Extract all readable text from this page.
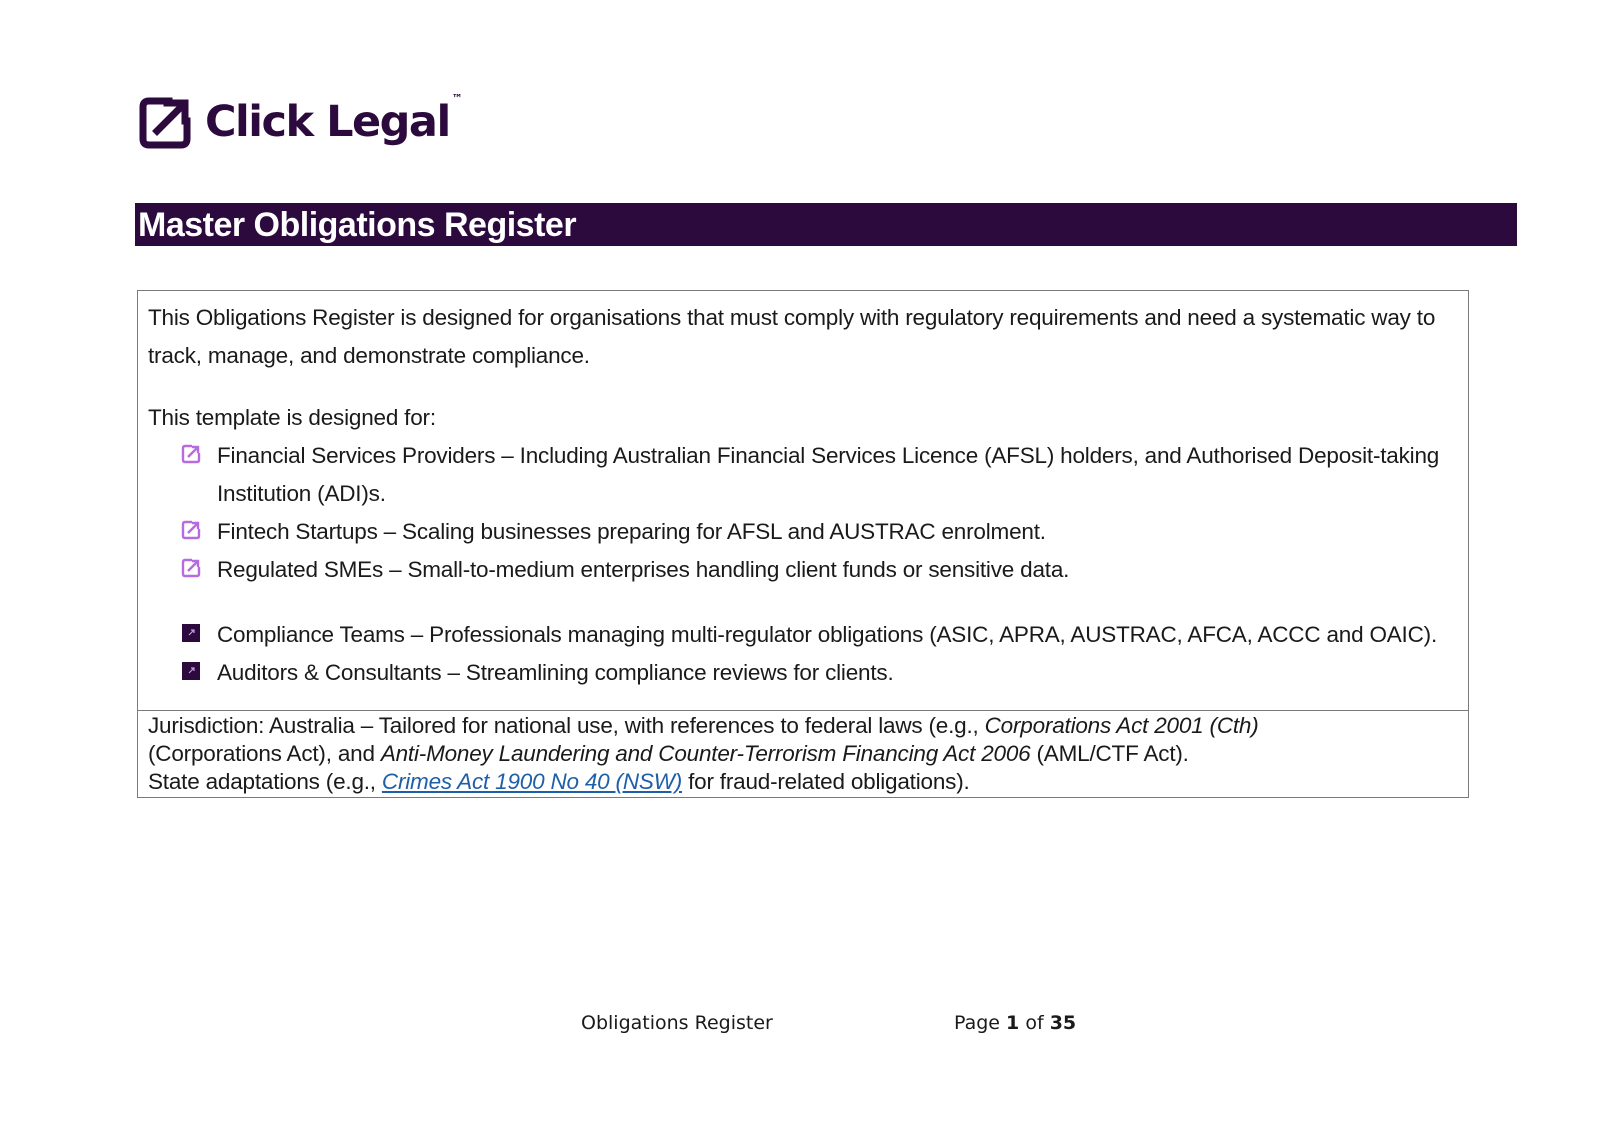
Click Legal ™
Master Obligations Register

This Obligations Register is designed for organisations that must comply with regulatory requirements and need a systematic way to track, manage, and demonstrate compliance.

This template is designed for:

Financial Services Providers – Including Australian Financial Services Licence (AFSL) holders, and Authorised Deposit-taking Institution (ADI)s.
Fintech Startups – Scaling businesses preparing for AFSL and AUSTRAC enrolment.
Regulated SMEs – Small-to-medium enterprises handling client funds or sensitive data.
Compliance Teams – Professionals managing multi-regulator obligations (ASIC, APRA, AUSTRAC, AFCA, ACCC and OAIC).
Auditors & Consultants – Streamlining compliance reviews for clients.

Jurisdiction: Australia – Tailored for national use, with references to federal laws (e.g., Corporations Act 2001 (Cth)

(Corporations Act), and Anti-Money Laundering and Counter-Terrorism Financing Act 2006 (AML/CTF Act).

State adaptations (e.g., Crimes Act 1900 No 40 (NSW) for fraud-related obligations).

Obligations Register	Page 1 of 35
